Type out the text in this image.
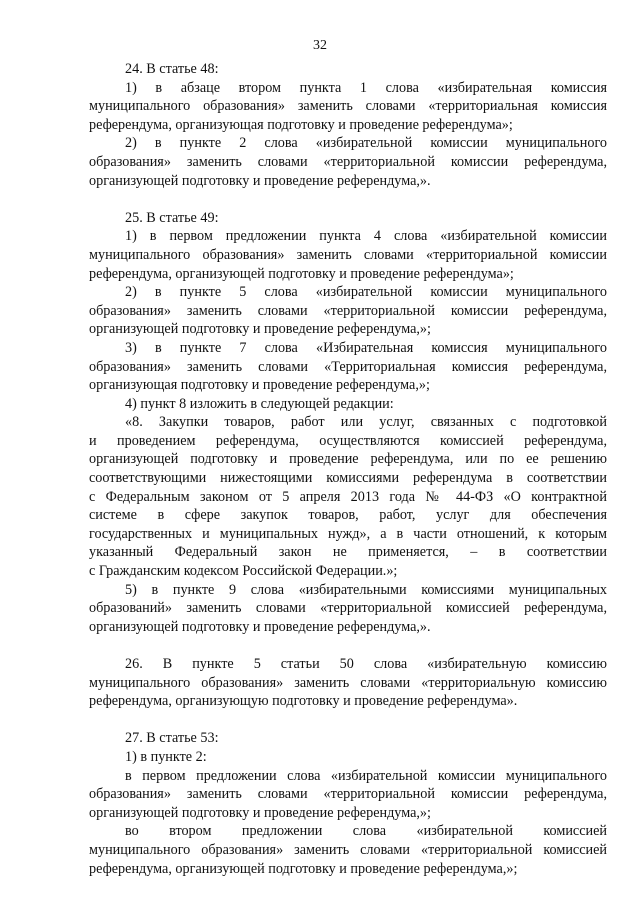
32
24. В статье 48:
1) в абзаце втором пункта 1 слова «избирательная комиссия
муниципального образования» заменить словами «территориальная комиссия
референдума, организующая подготовку и проведение референдума»;
2) в пункте 2 слова «избирательной комиссии муниципального
образования» заменить словами «территориальной комиссии референдума,
организующей подготовку и проведение референдума,».
25. В статье 49:
1) в первом предложении пункта 4 слова «избирательной комиссии
муниципального образования» заменить словами «территориальной комиссии
референдума, организующей подготовку и проведение референдума»;
2) в пункте 5 слова «избирательной комиссии муниципального
образования» заменить словами «территориальной комиссии референдума,
организующей подготовку и проведение референдума,»;
3) в пункте 7 слова «Избирательная комиссия муниципального
образования» заменить словами «Территориальная комиссия референдума,
организующая подготовку и проведение референдума,»;
4) пункт 8 изложить в следующей редакции:
«8. Закупки товаров, работ или услуг, связанных с подготовкой
и проведением референдума, осуществляются комиссией референдума,
организующей подготовку и проведение референдума, или по ее решению
соответствующими нижестоящими комиссиями референдума в соответствии
с Федеральным законом от 5 апреля 2013 года № 44-ФЗ «О контрактной
системе в сфере закупок товаров, работ, услуг для обеспечения
государственных и муниципальных нужд», а в части отношений, к которым
указанный Федеральный закон не применяется, – в соответствии
с Гражданским кодексом Российской Федерации.»;
5) в пункте 9 слова «избирательными комиссиями муниципальных
образований» заменить словами «территориальной комиссией референдума,
организующей подготовку и проведение референдума,».
26. В пункте 5 статьи 50 слова «избирательную комиссию
муниципального образования» заменить словами «территориальную комиссию
референдума, организующую подготовку и проведение референдума».
27. В статье 53:
1) в пункте 2:
в первом предложении слова «избирательной комиссии муниципального
образования» заменить словами «территориальной комиссии референдума,
организующей подготовку и проведение референдума,»;
во втором предложении слова «избирательной комиссией
муниципального образования» заменить словами «территориальной комиссией
референдума, организующей подготовку и проведение референдума,»;
